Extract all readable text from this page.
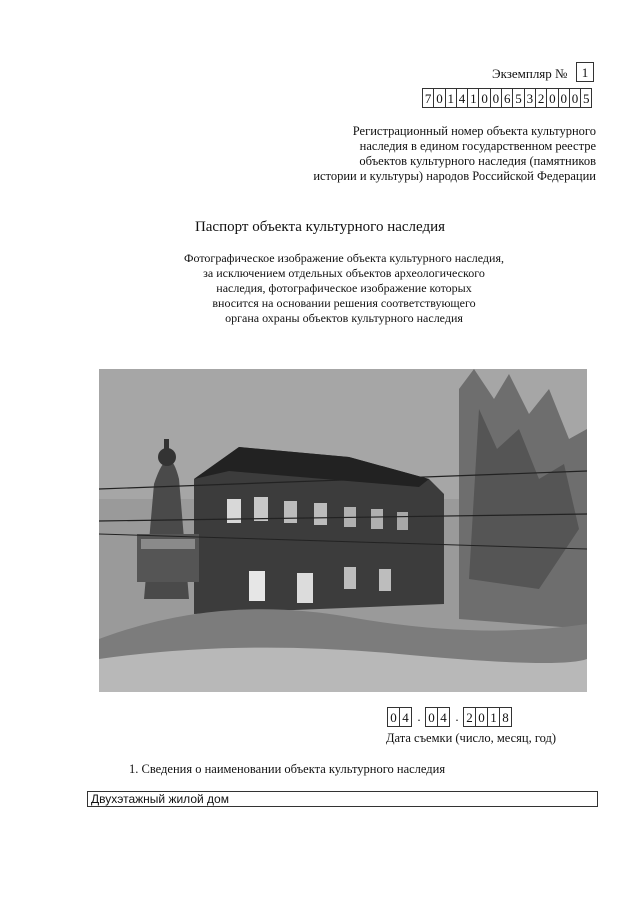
Экземпляр №	1
7 0 1 4 1 0 0 6 5 3 2 0 0 0 5
Регистрационный номер объекта культурного
наследия в едином государственном реестре
объектов культурного наследия (памятников
истории и культуры) народов Российской Федерации
Паспорт объекта культурного наследия
Фотографическое изображение объекта культурного наследия,
за исключением отдельных объектов археологического
наследия, фотографическое изображение которых
вносится на основании решения соответствующего
органа охраны объектов культурного наследия
0 4 . 0 4 . 2 0 1 8
Дата съемки (число, месяц, год)
1. Сведения о наименовании объекта культурного наследия
Двухэтажный жилой дом
